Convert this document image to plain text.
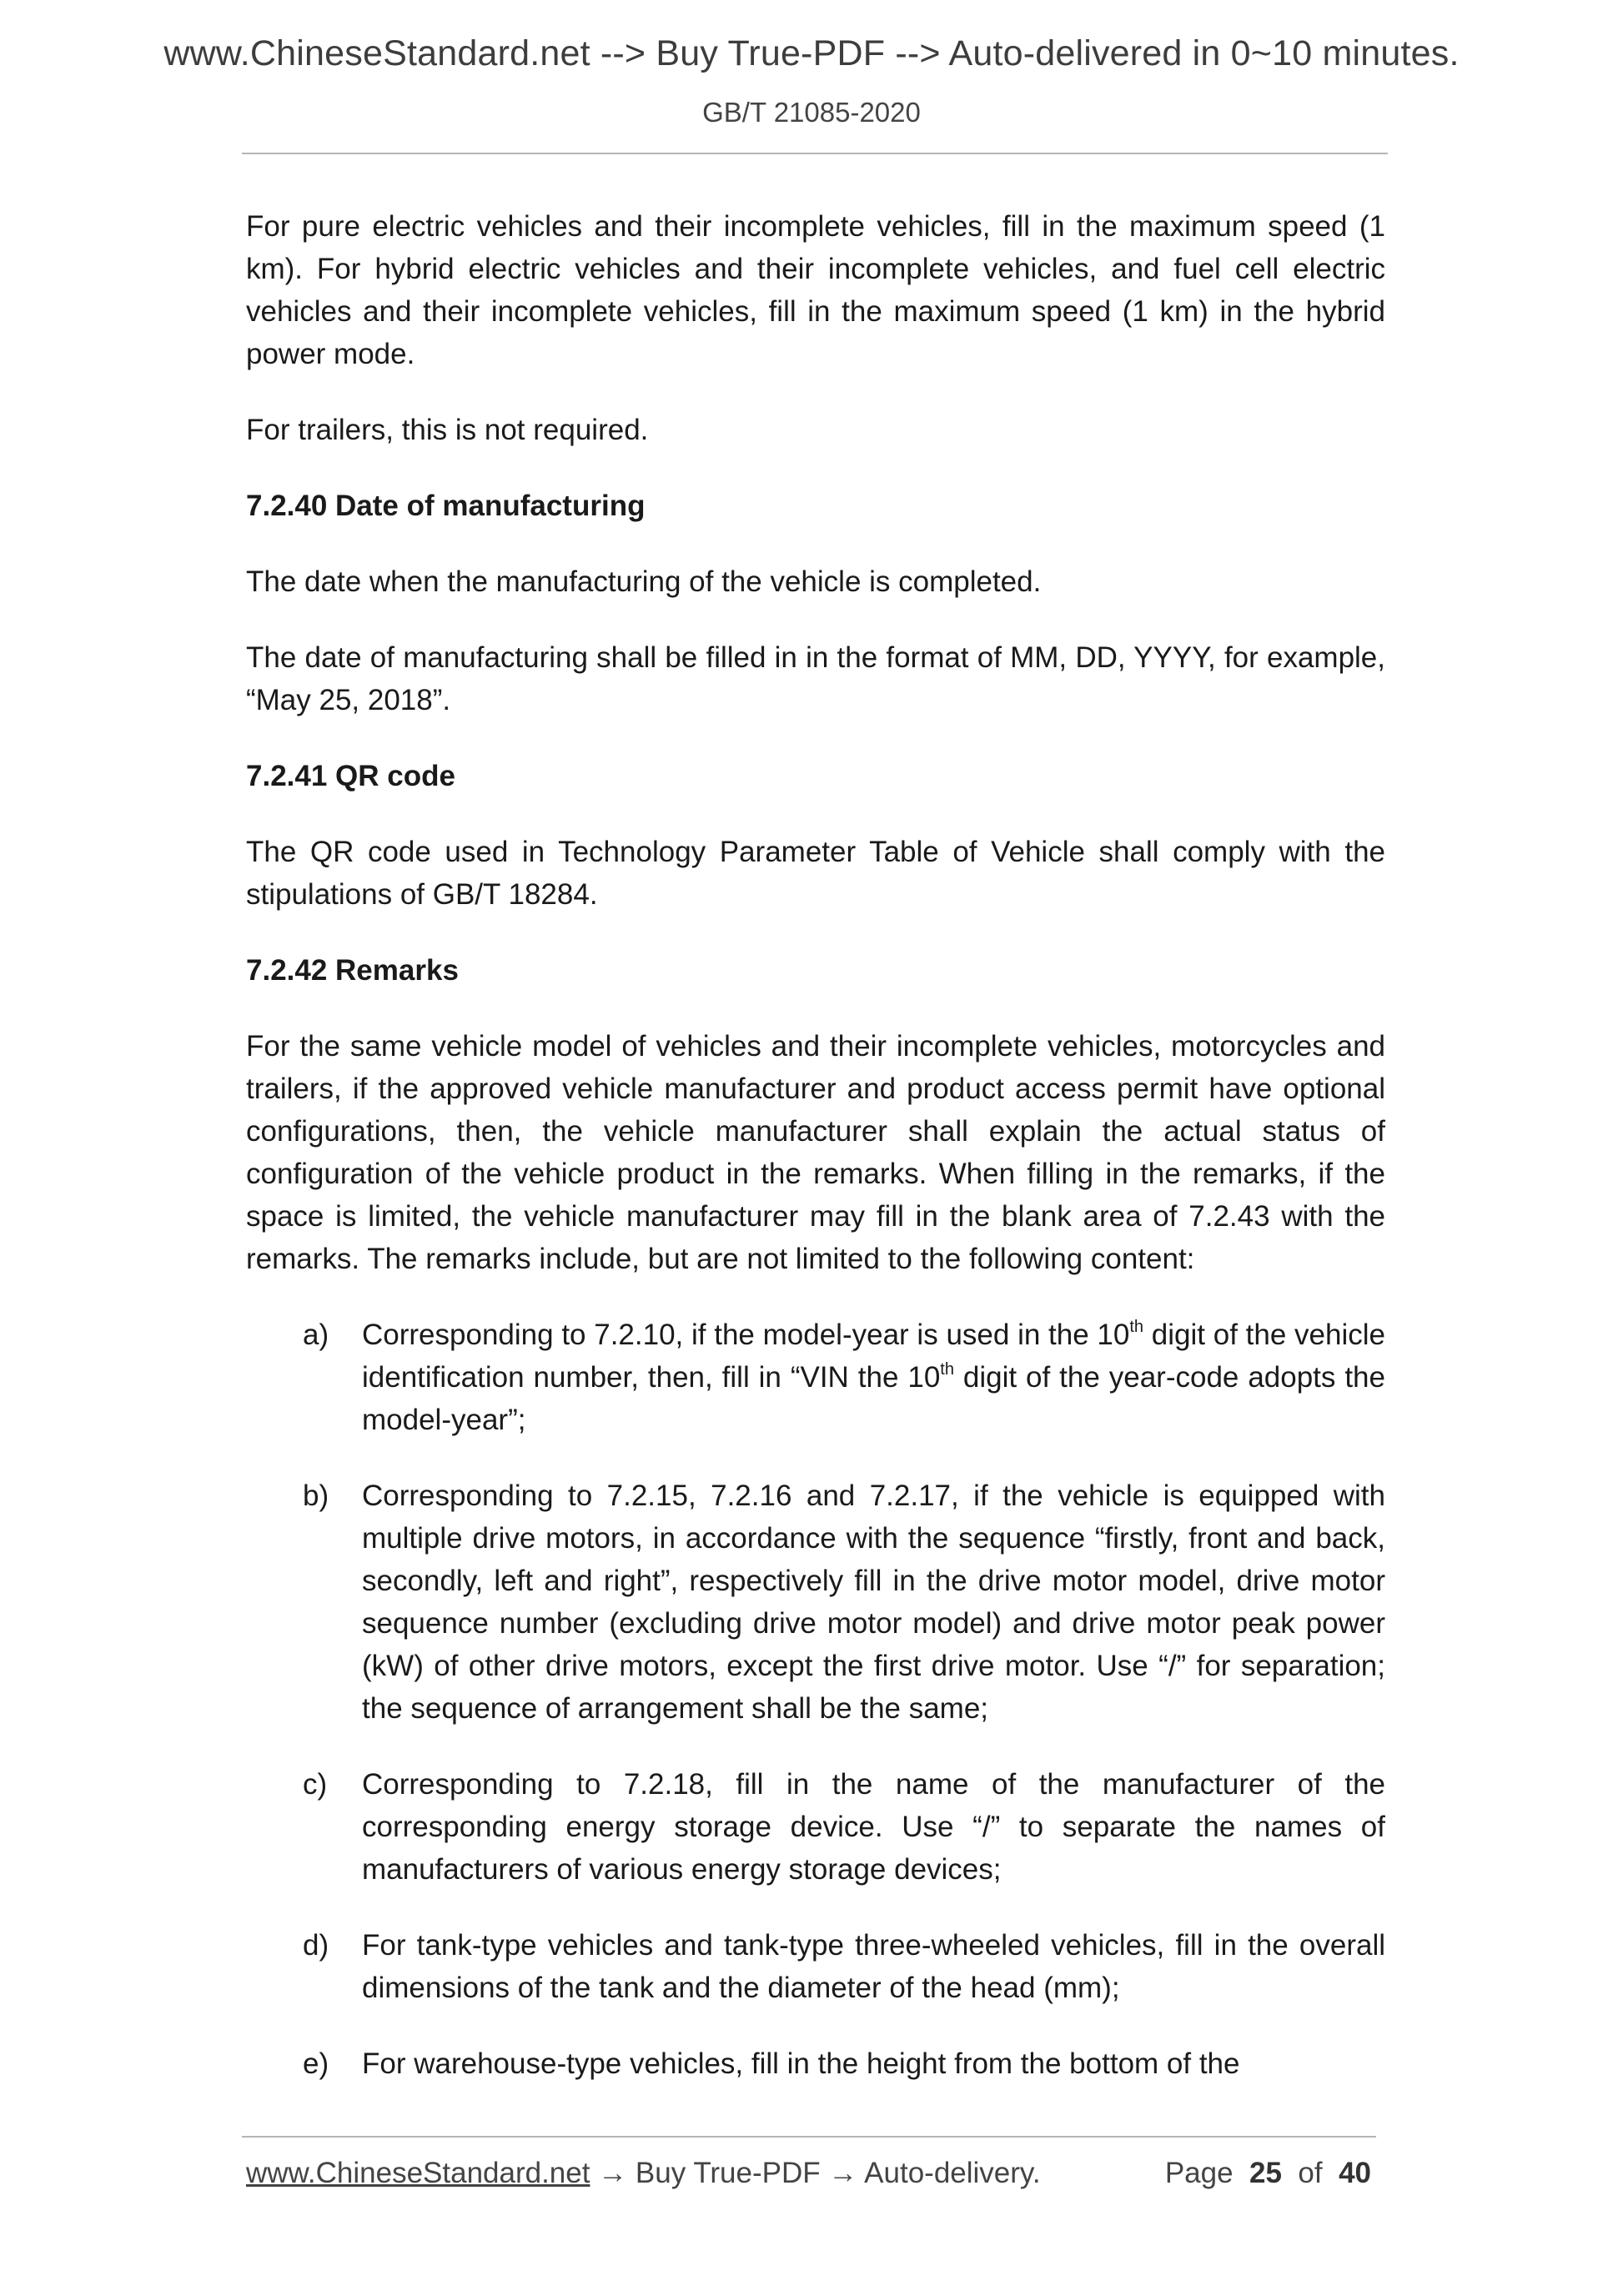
www.ChineseStandard.net --> Buy True-PDF --> Auto-delivered in 0~10 minutes.
GB/T 21085-2020

For pure electric vehicles and their incomplete vehicles, fill in the maximum speed (1 km). For hybrid electric vehicles and their incomplete vehicles, and fuel cell electric vehicles and their incomplete vehicles, fill in the maximum speed (1 km) in the hybrid power mode.

For trailers, this is not required.

7.2.40 Date of manufacturing

The date when the manufacturing of the vehicle is completed.

The date of manufacturing shall be filled in in the format of MM, DD, YYYY, for example, “May 25, 2018”.

7.2.41 QR code

The QR code used in Technology Parameter Table of Vehicle shall comply with the stipulations of GB/T 18284.

7.2.42 Remarks

For the same vehicle model of vehicles and their incomplete vehicles, motorcycles and trailers, if the approved vehicle manufacturer and product access permit have optional configurations, then, the vehicle manufacturer shall explain the actual status of configuration of the vehicle product in the remarks. When filling in the remarks, if the space is limited, the vehicle manufacturer may fill in the blank area of 7.2.43 with the remarks. The remarks include, but are not limited to the following content:

a) Corresponding to 7.2.10, if the model-year is used in the 10th digit of the vehicle identification number, then, fill in “VIN the 10th digit of the year-code adopts the model-year”;
b) Corresponding to 7.2.15, 7.2.16 and 7.2.17, if the vehicle is equipped with multiple drive motors, in accordance with the sequence “firstly, front and back, secondly, left and right”, respectively fill in the drive motor model, drive motor sequence number (excluding drive motor model) and drive motor peak power (kW) of other drive motors, except the first drive motor. Use “/” for separation; the sequence of arrangement shall be the same;
c) Corresponding to 7.2.18, fill in the name of the manufacturer of the corresponding energy storage device. Use “/” to separate the names of manufacturers of various energy storage devices;
d) For tank-type vehicles and tank-type three-wheeled vehicles, fill in the overall dimensions of the tank and the diameter of the head (mm);
e) For warehouse-type vehicles, fill in the height from the bottom of the
www.ChineseStandard.net → Buy True-PDF → Auto-delivery.	Page 25 of 40
